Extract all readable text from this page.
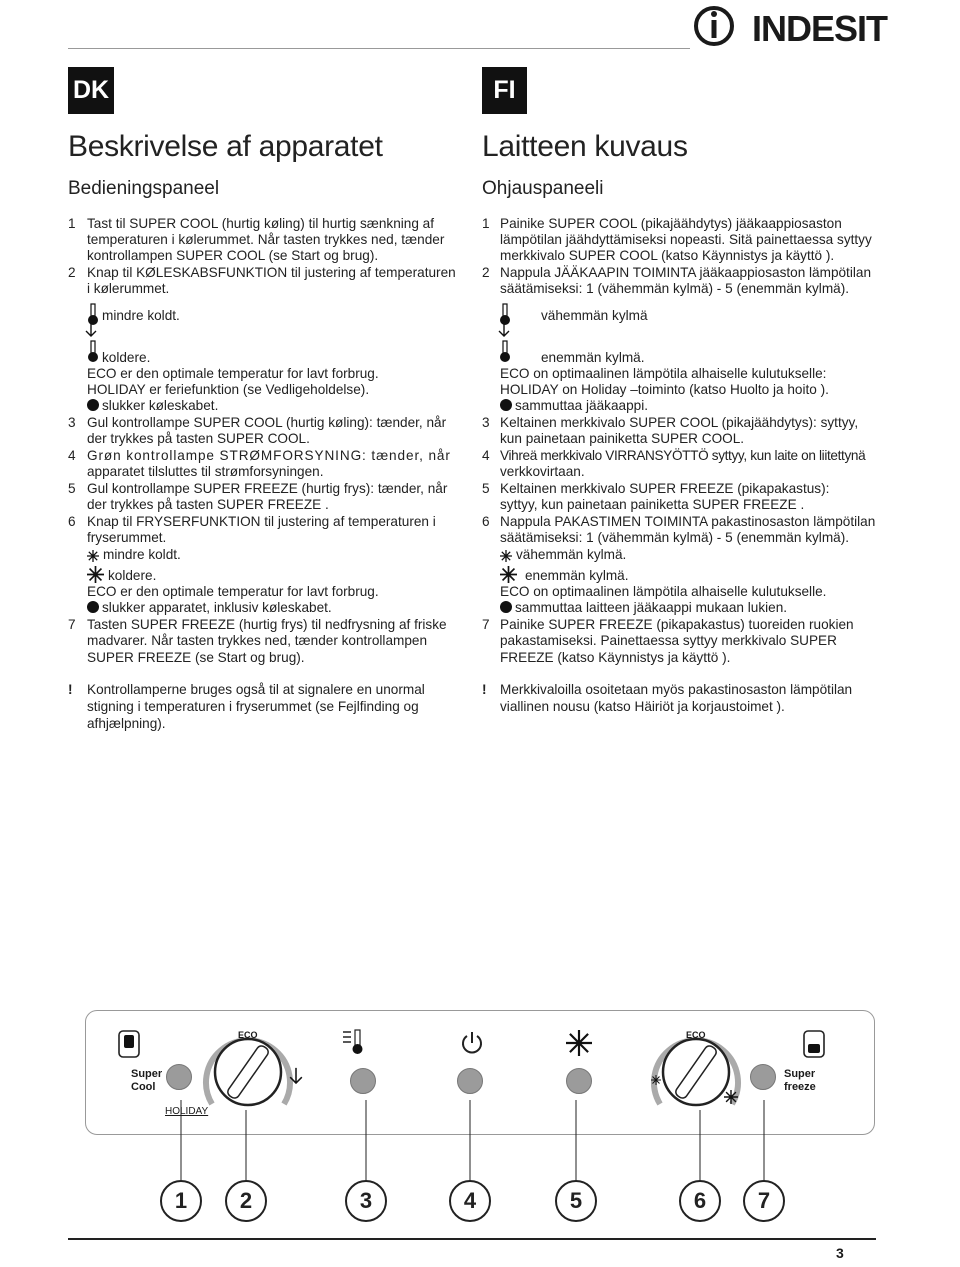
INDESIT
DK
Beskrivelse af apparatet
Bedieningspaneel
1 Tast til SUPER COOL (hurtig køling) til hurtig sænkning af
temperaturen i kølerummet. Når tasten trykkes ned, tænder
kontrollampen SUPER COOL (se Start og brug).
2 Knap til KØLESKABSFUNKTION til justering af temperaturen
i kølerummet.
mindre koldt.
koldere.
ECO er den optimale temperatur for lavt forbrug.
HOLIDAY er feriefunktion (se Vedligeholdelse).
slukker køleskabet.
3 Gul kontrollampe SUPER COOL (hurtig køling): tænder, når
der trykkes på tasten SUPER COOL.
4 Grøn kontrollampe STRØMFORSYNING: tænder, når
apparatet tilsluttes til strømforsyningen.
5 Gul kontrollampe SUPER FREEZE (hurtig frys): tænder, når
der trykkes på tasten SUPER FREEZE .
6 Knap til FRYSERFUNKTION til justering af temperaturen i
fryserummet.
mindre koldt.
koldere.
ECO er den optimale temperatur for lavt forbrug.
slukker apparatet, inklusiv køleskabet.
7 Tasten SUPER FREEZE (hurtig frys) til nedfrysning af friske
madvarer. Når tasten trykkes ned, tænder kontrollampen
SUPER FREEZE (se Start og brug).
! Kontrollamperne bruges også til at signalere en unormal
stigning i temperaturen i fryserummet (se Fejlfinding og
afhjælpning).
FI
Laitteen kuvaus
Ohjauspaneeli
1 Painike SUPER COOL (pikajäähdytys) jääkaappiosaston
lämpötilan jäähdyttämiseksi nopeasti. Sitä painettaessa syttyy
merkkivalo SUPER COOL (katso Käynnistys ja käyttö ).
2 Nappula JÄÄKAAPIN TOIMINTA jääkaappiosaston lämpötilan
säätämiseksi: 1 (vähemmän kylmä) - 5 (enemmän kylmä).
vähemmän kylmä
enemmän kylmä.
ECO on optimaalinen lämpötila alhaiselle kulutukselle:
HOLIDAY on Holiday –toiminto (katso Huolto ja hoito ).
sammuttaa jääkaappi.
3 Keltainen merkkivalo SUPER COOL (pikajäähdytys): syttyy,
kun painetaan painiketta SUPER COOL.
4 Vihreä merkkivalo VIRRANSYÖTTÖ syttyy, kun laite on liitettynä
verkkovirtaan.
5 Keltainen merkkivalo SUPER FREEZE (pikapakastus):
syttyy, kun painetaan painiketta SUPER FREEZE .
6 Nappula PAKASTIMEN TOIMINTA pakastinosaston lämpötilan
säätämiseksi: 1 (vähemmän kylmä) - 5 (enemmän kylmä).
vähemmän kylmä.
enemmän kylmä.
ECO on optimaalinen lämpötila alhaiselle kulutukselle.
sammuttaa laitteen jääkaappi mukaan lukien.
7 Painike SUPER FREEZE (pikapakastus) tuoreiden ruokien
pakastamiseksi. Painettaessa syttyy merkkivalo SUPER
FREEZE (katso Käynnistys ja käyttö ).
! Merkkivaloilla osoitetaan myös pakastinosaston lämpötilan
viallinen nousu (katso Häiriöt ja korjaustoimet ).
Super
Cool
HOLIDAY
ECO	ECO
Super
freeze
1	2	3	4	5	6	7
3
